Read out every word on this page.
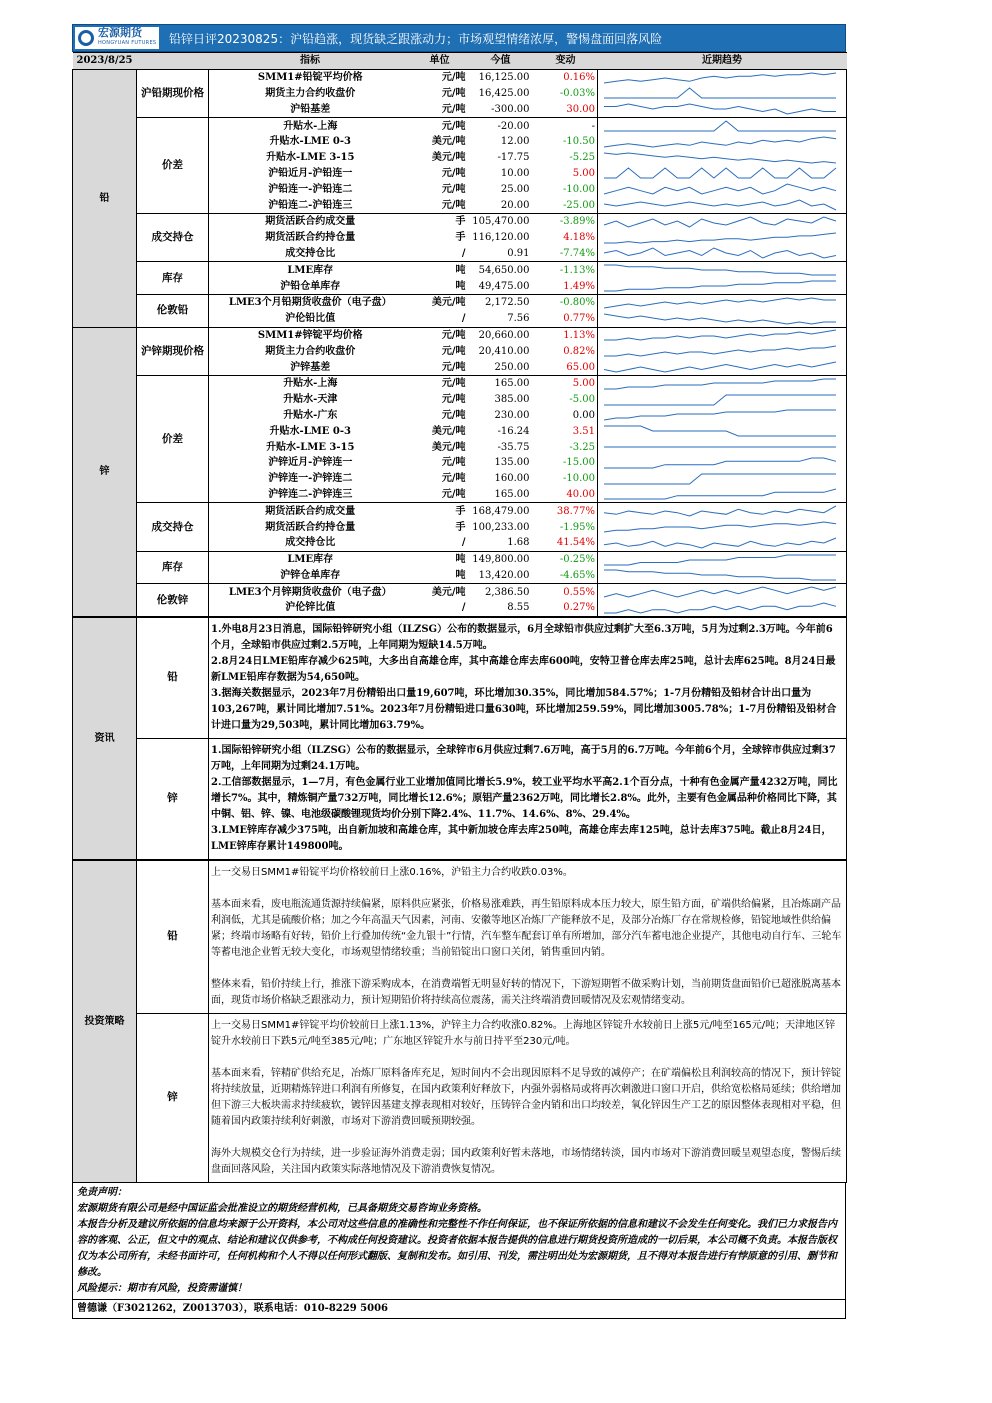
宏源期货
HONGYUAN FUTURES 铅锌日评20230825：沪铅趋涨，现货缺乏跟涨动力；市场观望情绪浓厚，警惕盘面回落风险
2023/8/25		指标	单位	今值	变动	近期趋势
铅	沪铅期现价格	SMM1#铅锭平均价格	元/吨	16,125.00	0.16%	

		期货主力合约收盘价	元/吨	16,425.00	-0.03%	

		沪铅基差	元/吨	-300.00	30.00	

	价差	升贴水-上海	元/吨	-20.00	-	

		升贴水-LME 0-3	美元/吨	12.00	-10.50	

		升贴水-LME 3-15	美元/吨	-17.75	-5.25	

		沪铅近月-沪铅连一	元/吨	10.00	5.00	

		沪铅连一-沪铅连二	元/吨	25.00	-10.00	

		沪铅连二-沪铅连三	元/吨	20.00	-25.00	

	成交持仓	期货活跃合约成交量	手	105,470.00	-3.89%	

		期货活跃合约持仓量	手	116,120.00	4.18%	

		成交持仓比	/	0.91	-7.74%	

	库存	LME库存	吨	54,650.00	-1.13%	

		沪铅仓单库存	吨	49,475.00	1.49%	

	伦敦铅	LME3个月铅期货收盘价（电子盘）	美元/吨	2,172.50	-0.80%	

		沪伦铅比值	/	7.56	0.77%	

锌	沪锌期现价格	SMM1#锌锭平均价格	元/吨	20,660.00	1.13%	

		期货主力合约收盘价	元/吨	20,410.00	0.82%	

		沪锌基差	元/吨	250.00	65.00	

	价差	升贴水-上海	元/吨	165.00	5.00	

		升贴水-天津	元/吨	385.00	-5.00	

		升贴水-广东	元/吨	230.00	0.00	

		升贴水-LME 0-3	美元/吨	-16.24	3.51	

		升贴水-LME 3-15	美元/吨	-35.75	-3.25	

		沪锌近月-沪锌连一	元/吨	135.00	-15.00	

		沪锌连一-沪锌连二	元/吨	160.00	-10.00	

		沪锌连二-沪锌连三	元/吨	165.00	40.00	

	成交持仓	期货活跃合约成交量	手	168,479.00	38.77%	

		期货活跃合约持仓量	手	100,233.00	-1.95%	

		成交持仓比	/	1.68	41.54%	

	库存	LME库存	吨	149,800.00	-0.25%	

		沪锌仓单库存	吨	13,420.00	-4.65%	

	伦敦锌	LME3个月锌期货收盘价（电子盘）	美元/吨	2,386.50	0.55%	

		沪伦锌比值	/	8.55	0.27%	

资讯	铅	1.外电8月23日消息，国际铅锌研究小组（ILZSG）公布的数据显示，6月全球铅市供应过剩扩大至6.3万吨，5月为过剩2.3万吨。今年前6个月，全球铅市供应过剩2.5万吨，上年同期为短缺14.5万吨。

2.8月24日LME铅库存减少625吨，大多出自高雄仓库，其中高雄仓库去库600吨，安特卫普仓库去库25吨，总计去库625吨。8月24日最新LME铅库存数据为54,650吨。

3.据海关数据显示，2023年7月份精铅出口量19,607吨，环比增加30.35%，同比增加584.57%；1-7月份精铅及铅材合计出口量为103,267吨，累计同比增加7.51%。2023年7月份精铅进口量630吨，环比增加259.59%，同比增加3005.78%；1-7月份精铅及铅材合计进口量为29,503吨，累计同比增加63.79%。

	锌	1.国际铅锌研究小组（ILZSG）公布的数据显示，全球锌市6月供应过剩7.6万吨，高于5月的6.7万吨。今年前6个月，全球锌市供应过剩37万吨，上年同期为过剩24.1万吨。

2.工信部数据显示，1—7月，有色金属行业工业增加值同比增长5.9%，较工业平均水平高2.1个百分点，十种有色金属产量4232万吨，同比增长7%。其中，精炼铜产量732万吨，同比增长12.6%；原铝产量2362万吨，同比增长2.8%。此外，主要有色金属品种价格同比下降，其中铜、铝、锌、镍、电池级碳酸锂现货均价分别下降2.4%、11.7%、14.6%、8%、29.4%。

3.LME锌库存减少375吨，出自新加坡和高雄仓库，其中新加坡仓库去库250吨，高雄仓库去库125吨，总计去库375吨。截止8月24日，LME锌库存累计149800吨。

投资策略	铅	上一交易日SMM1#铅锭平均价格较前日上涨0.16%，沪铅主力合约收跌0.03%。

基本面来看，废电瓶流通货源持续偏紧，原料供应紧张，价格易涨难跌，再生铅原料成本压力较大，原生铅方面，矿端供给偏紧，且冶炼副产品利润低，尤其是硫酸价格；加之今年高温天气因素，河南、安徽等地区冶炼厂产能释放不足，及部分冶炼厂存在常规检修，铅锭地域性供给偏紧；终端市场略有好转，铅价上行叠加传统“金九银十”行情，汽车整车配套订单有所增加，部分汽车蓄电池企业提产，其他电动自行车、三轮车等蓄电池企业暂无较大变化，市场观望情绪较重；当前铅锭出口窗口关闭，销售重回内销。

整体来看，铅价持续上行，推涨下游采购成本，在消费端暂无明显好转的情况下，下游短期暂不做采购计划，当前期货盘面铅价已超涨脱离基本面，现货市场价格缺乏跟涨动力，预计短期铅价将持续高位震荡，需关注终端消费回暖情况及宏观情绪变动。

	锌	上一交易日SMM1#锌锭平均价较前日上涨1.13%，沪锌主力合约收涨0.82%。上海地区锌锭升水较前日上涨5元/吨至165元/吨；天津地区锌锭升水较前日下跌5元/吨至385元/吨；广东地区锌锭升水与前日持平至230元/吨。

基本面来看，锌精矿供给充足，冶炼厂原料备库充足，短时间内不会出现因原料不足导致的减停产；在矿端偏松且利润较高的情况下，预计锌锭将持续放量，近期精炼锌进口利润有所修复，在国内政策利好释放下，内强外弱格局或将再次刺激进口窗口开启，供给宽松格局延续；供给增加但下游三大板块需求持续疲软，镀锌因基建支撑表现相对较好，压铸锌合金内销和出口均较差，氧化锌因生产工艺的原因整体表现相对平稳，但随着国内政策持续利好刺激，市场对下游消费回暖预期较强。

海外大规模交仓行为持续，进一步验证海外消费走弱；国内政策利好暂未落地，市场情绪转淡，国内市场对下游消费回暖呈观望态度，警惕后续盘面回落风险，关注国内政策实际落地情况及下游消费恢复情况。

免责声明：
宏源期货有限公司是经中国证监会批准设立的期货经营机构，已具备期货交易咨询业务资格。
本报告分析及建议所依据的信息均来源于公开资料，本公司对这些信息的准确性和完整性不作任何保证，也不保证所依据的信息和建议不会发生任何变化。我们已力求报告内容的客观、公正，但文中的观点、结论和建议仅供参考，不构成任何投资建议。投资者依据本报告提供的信息进行期货投资所造成的一切后果，本公司概不负责。本报告版权仅为本公司所有，未经书面许可，任何机构和个人不得以任何形式翻版、复制和发布。如引用、刊发，需注明出处为宏源期货，且不得对本报告进行有悖原意的引用、删节和修改。
风险提示：期市有风险，投资需谨慎！
曾德谦（F3021262，Z0013703），联系电话：010-8229 5006
